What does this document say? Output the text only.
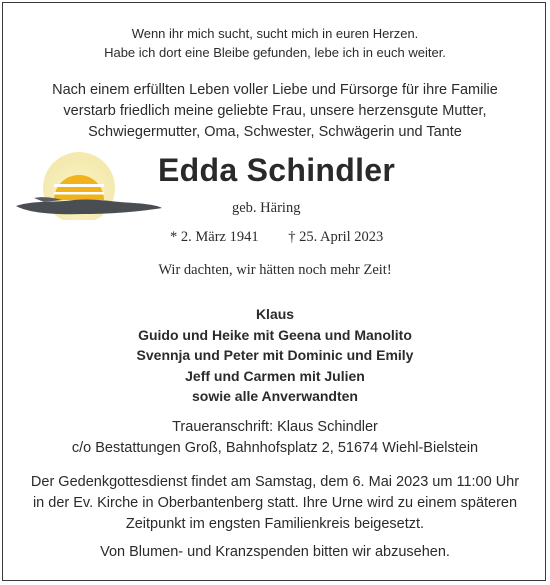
Wenn ihr mich sucht, sucht mich in euren Herzen.
Habe ich dort eine Bleibe gefunden, lebe ich in euch weiter.
Nach einem erfüllten Leben voller Liebe und Fürsorge für ihre Familie
verstarb friedlich meine geliebte Frau, unsere herzensgute Mutter,
Schwiegermutter, Oma, Schwester, Schwägerin und Tante
Edda Schindler
geb. Häring
* 2. März 1941 † 25. April 2023
Wir dachten, wir hätten noch mehr Zeit!
Klaus
Guido und Heike mit Geena und Manolito
Svennja und Peter mit Dominic und Emily
Jeff und Carmen mit Julien
sowie alle Anverwandten
Traueranschrift: Klaus Schindler
c/o Bestattungen Groß, Bahnhofsplatz 2, 51674 Wiehl-Bielstein
Der Gedenkgottesdienst findet am Samstag, dem 6. Mai 2023 um 11:00 Uhr
in der Ev. Kirche in Oberbantenberg statt. Ihre Urne wird zu einem späteren
Zeitpunkt im engsten Familienkreis beigesetzt.
Von Blumen- und Kranzspenden bitten wir abzusehen.
